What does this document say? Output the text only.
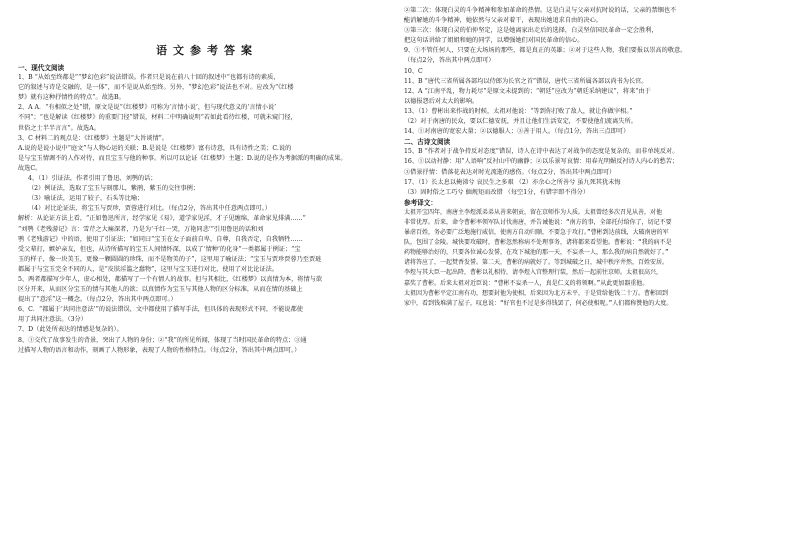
语文参考答案
一、现代文阅读
1、B “从始至终都是”“梦幻色彩”说法错误。作者只是说在前八十回的叙述中“也都有诗的素质，
它的叙述与诗是交融的，是一体”，而不是说从始至终。另外，“梦幻色彩”说法也不对。应改为“《红楼
梦》就有这种抒情性的特点”。故选B。
2、A A．“有相似之处”错，原文是说“《红楼梦》可称为‘言情小说’，但与现代意义的‘言情小说’
不同”；“也是解读《红楼梦》的重要门径”错误，材料二中明确说明“若如此看待红楼，可就未窥门径，
世俗之士半半言言”。故选A。
3、C 材料二的观点是：《红楼梦》主题是“大旨谈情”。
A.说的是说小说中“庭文”与人物心运的关联；B.是说是《红楼梦》富有诗意，具有诗性之美；C.说的
是与宝玉情调不的人作对待，而且宝玉与他的种事。所以可以论证《红楼梦》主题；D.说的是作为考据派的明确的成果。
故选C。
4、（1）引证法，作者引用了鲁迅、刘鹗的话；
（2）例证法，选取了宝玉与刻那儿，紫鹃，紫玉的交往事例；
（3）喻证法，运用了较子，石头等比喻；
（4）对比论证法，将宝玉与贾珍，贾蓉进行对比。（每点2分，答出其中任意两点即可。）
解析：从论证方法上看，“正如鲁迅所言，经学家见《易》，道学家见淫，才子见缠绵，革命家见排满……”
“刘鹗《老残游记》言：雪芹之大痛深者，乃是为‘千红一哭，万艳同悲’”引用鲁迅的话和刘
鹗《老残游记》中的语，使用了引证法；“如同曰“宝玉在女子面前自卑，自尊，自我否定，自我牺牲……
受父辈打，嫉妒亲友，但也，从诗所描写的宝玉人间情怀深，以成了‘情种’的化身”一类都属于例证；“宝
玉的样子，像一块美玉，更像一颗圆圆的珍珠，而不是物美的子”，这里用了喻证法；“宝玉与贾珍贾蓉乃至贾琏
都属于与宝玉完全不同的人，是“皮肤淫滥之蠢物”，这里与宝玉进行对比，使用了对比论证法。
5、两者都描写少年人，虚心相处，都描写了一个有情人的故事。但与其相比，《红楼梦》以真情为本，将情与欲
区分开来，从而区分宝玉的情与其他人的欲；以真情作为宝玉与其他人物的区分标准，从而在情的基础上
提出了“意淫”这一概念。（每点2分，答出其中两点即可。）
6、C．“都属于‘共同注意法’”的说法错误，文中都使用了描写手法，但具体的表现形式不同，不能说都使
用了共同注意法。（3分）
7、D（此处所表达的情感是复杂的）。
8、①交代了故事发生的背景，突出了人物的身份；②“我”的所见所闻，体现了当时国民革命的特点；③通
过描写人物的语言和动作，刻画了人物形象，表现了人物的性格特点。（每点2分，答出其中两点即可。）
②第二次：体现白灵的斗争精神和参加革命的热情。这是白灵与父亲对抗时说的话，父亲的禁锢也不
能消解她的斗争精神，她依然与父亲对着干，表现出她追求自由的决心。
③第三次：体现白灵的伯仲坚定，这是她离家出走后的选择，白灵坚信国民革命一定会胜利，
把这句话讲给了姐姐和她的同学，以增强她们对国民革命的信心。
9、①不管任何人，只要在大场场的那些，都是真正的英雄；②对于这些人物，我们要报以崇高的敬意。
（每点2分，答出其中两点即可）
10、C
11、B “唐代三省所属各部均以侍郎为长官之首”错误，唐代三省所属各部以尚书为长官。
12、A “江南平乱，物力耗尽”是原文未提到的；“朝廷”应改为“朝廷采纳建议”，将来“由于
以德报怨后对太大的影响。
13、（1）曹彬出来作战的时候，太祖对他说：“等到你打败了敌人，就让你做宰相。”
（2）对于南唐的民众，要以仁德安抚，并且让他们生活安定，不要使他们流离失所。
14、①对南唐的宽宏大量；②以德服人；③善于用人。（每点1分，答出三点即可）
二、古诗文阅读
15、B “作者对于战争持反对态度”错误，诗人在诗中表达了对战争的态度是复杂的，而非单纯反对。
16、①以动衬静：用“人语响”反衬山中的幽静；②以乐景写哀情：用春光明媚反衬诗人内心的愁苦；
③借景抒情：借落花表达对时光流逝的感伤。（每点2分，答出其中两点即可）
17、（1）长太息以掩涕兮 哀民生之多艰 （2）亦余心之所善兮 虽九死其犹未悔
（3）固时俗之工巧兮 偭规矩而改错 （每空1分，有错字即不得分）
参考译文：
太祖开宝四年，南唐主李煜派弟弟从善来朝贡，留在京师作为人质。太祖曾经多次召见从善，对他
非常优厚。后来，命令曹彬率领军队讨伐南唐，并告诫他说：“南方的事，全部托付给你了，切记不要
暴虐百姓，务必要广泛地施行威信，使南方自动归顺，不要急于攻打。”曹彬到达前线，大破南唐的军
队，包围了金陵。城快要攻破时，曹彬忽然称病不处理事务，诸将都来看望他。曹彬说：“我的病不是
药物能够治好的，只要各位诚心发誓，在攻下城池的那一天，不妄杀一人，那么我的病自然就好了。”
诸将答应了，一起焚香发誓。第二天，曹彬的病就好了。等到城破之日，城中秩序井然，百姓安居。
李煜与其大臣一起出降，曹彬以礼相待，请李煜入宫整理行装，然后一起前往京师。太祖很高兴，
嘉奖了曹彬。后来太祖对近臣说：“曹彬不妄杀一人，真是仁义的将领啊。”从此更加器重他。
太祖因为曹彬平定江南有功，想要封他为使相，后来因为北方未平，于是赏给他钱二十万。曹彬回到
家中，看到钱堆满了屋子，叹息说：“好官也不过是多得钱罢了，何必使相呢。”人们都称赞他的大度。
